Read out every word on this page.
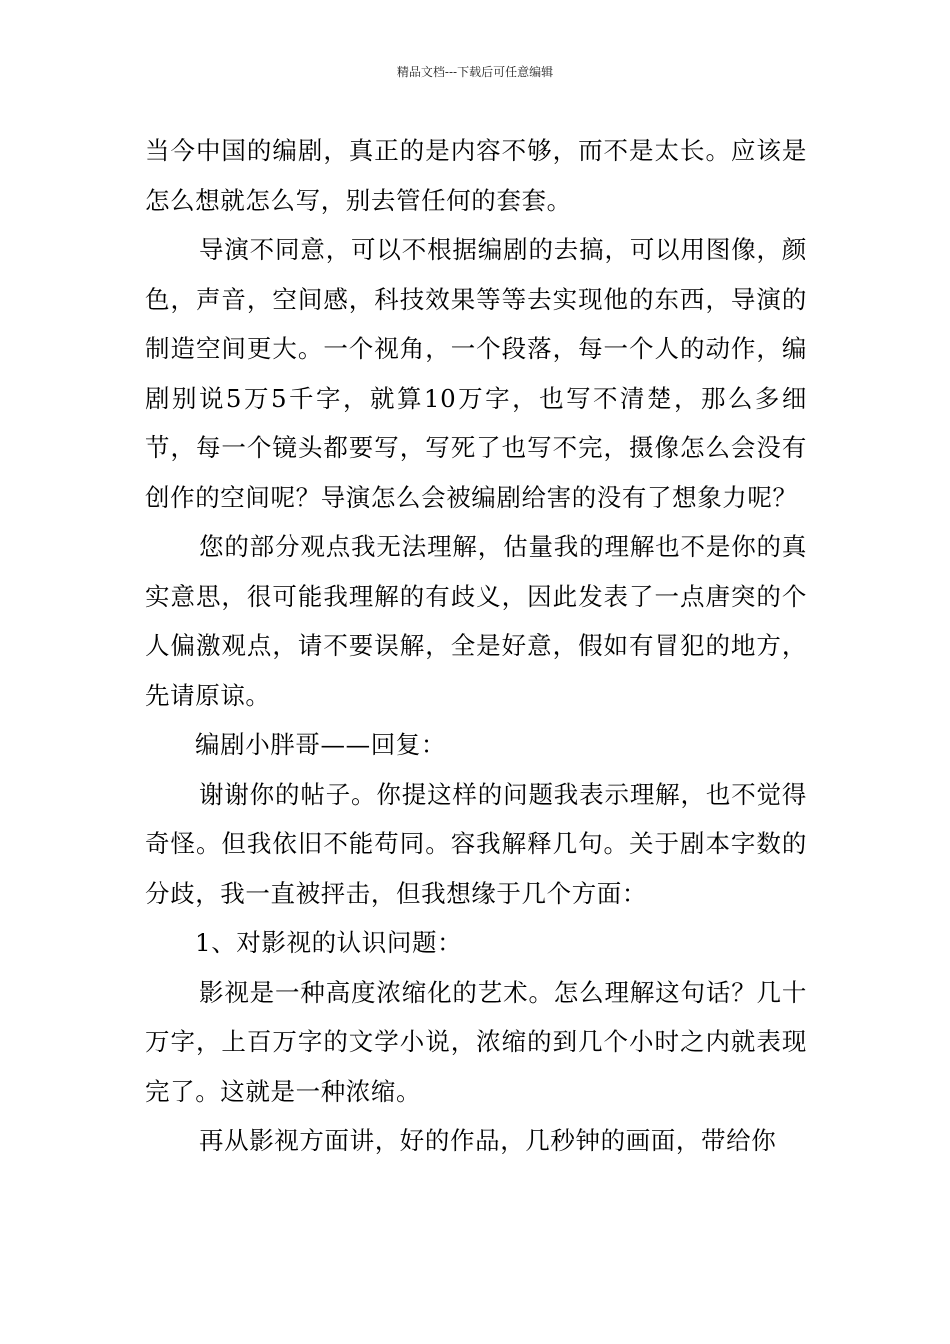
精品文档---下载后可任意编辑

当今中国的编剧，真正的是内容不够，而不是太长。应该是怎么想就怎么写，别去管任何的套套。

导演不同意，可以不根据编剧的去搞，可以用图像，颜色，声音，空间感，科技效果等等去实现他的东西，导演的制造空间更大。一个视角，一个段落，每一个人的动作，编剧别说5万5千字，就算10万字，也写不清楚，那么多细节，每一个镜头都要写，写死了也写不完，摄像怎么会没有创作的空间呢？导演怎么会被编剧给害的没有了想象力呢？

您的部分观点我无法理解，估量我的理解也不是你的真实意思，很可能我理解的有歧义，因此发表了一点唐突的个人偏激观点，请不要误解，全是好意，假如有冒犯的地方，先请原谅。

编剧小胖哥——回复：

谢谢你的帖子。你提这样的问题我表示理解，也不觉得奇怪。但我依旧不能苟同。容我解释几句。关于剧本字数的分歧，我一直被抨击，但我想缘于几个方面：

1、对影视的认识问题：

影视是一种高度浓缩化的艺术。怎么理解这句话？几十万字，上百万字的文学小说，浓缩的到几个小时之内就表现完了。这就是一种浓缩。

再从影视方面讲，好的作品，几秒钟的画面，带给你
